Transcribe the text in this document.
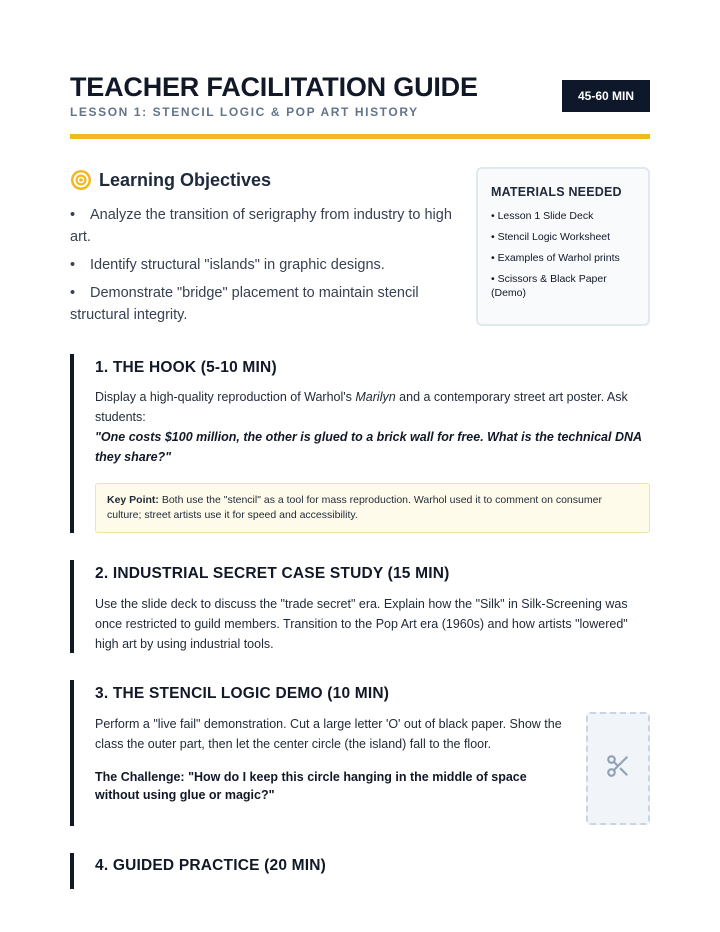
TEACHER FACILITATION GUIDE
LESSON 1: STENCIL LOGIC & POP ART HISTORY
45-60 MIN
Learning Objectives
• Analyze the transition of serigraphy from industry to high art.
• Identify structural "islands" in graphic designs.
• Demonstrate "bridge" placement to maintain stencil structural integrity.
MATERIALS NEEDED
• Lesson 1 Slide Deck
• Stencil Logic Worksheet
• Examples of Warhol prints
• Scissors & Black Paper (Demo)
1. THE HOOK (5-10 MIN)
Display a high-quality reproduction of Warhol's Marilyn and a contemporary street art poster. Ask students:
"One costs $100 million, the other is glued to a brick wall for free. What is the technical DNA they share?"
Key Point: Both use the "stencil" as a tool for mass reproduction. Warhol used it to comment on consumer culture; street artists use it for speed and accessibility.
2. INDUSTRIAL SECRET CASE STUDY (15 MIN)
Use the slide deck to discuss the "trade secret" era. Explain how the "Silk" in Silk-Screening was once restricted to guild members. Transition to the Pop Art era (1960s) and how artists "lowered" high art by using industrial tools.
3. THE STENCIL LOGIC DEMO (10 MIN)
Perform a "live fail" demonstration. Cut a large letter 'O' out of black paper. Show the class the outer part, then let the center circle (the island) fall to the floor.
The Challenge: "How do I keep this circle hanging in the middle of space without using glue or magic?"
4. GUIDED PRACTICE (20 MIN)
